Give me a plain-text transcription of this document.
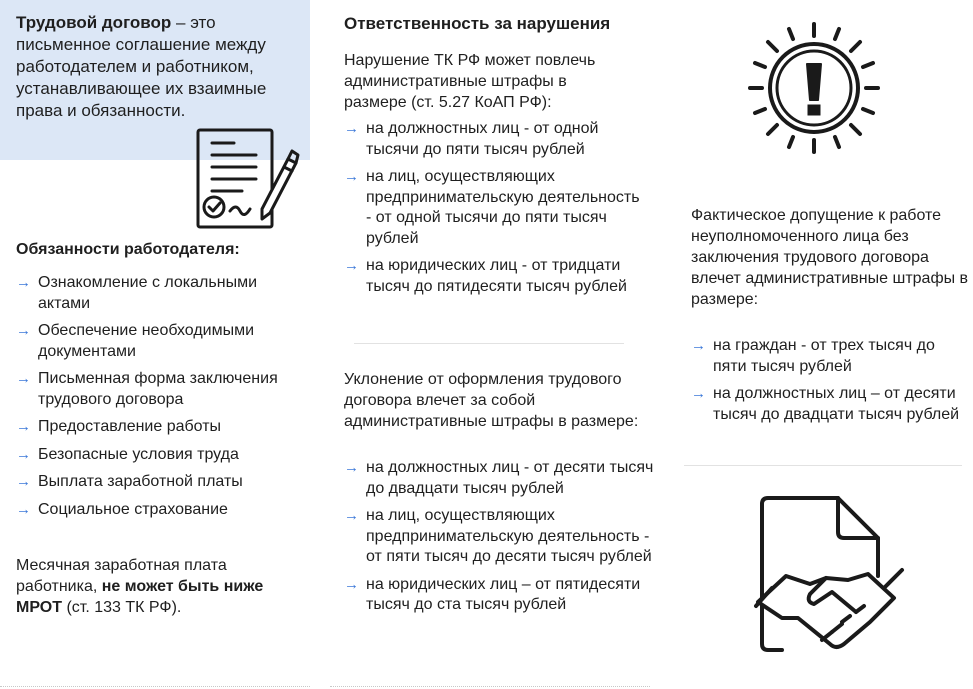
Трудовой договор – это письменное соглашение между работодателем и работником, устанавливающее их взаимные права и обязанности.
Обязанности работодателя:
→ Ознакомление с локальными актами
→ Обеспечение необходимыми документами
→ Письменная форма заключения трудового договора
→ Предоставление работы
→ Безопасные условия труда
→ Выплата заработной платы
→ Социальное страхование
Месячная заработная плата работника, не может быть ниже МРОТ (ст. 133 ТК РФ).
Ответственность за нарушения
Нарушение ТК РФ может повлечь административные штрафы в размере (ст. 5.27 КоАП РФ):
→ на должностных лиц - от одной тысячи до пяти тысяч рублей
→ на лиц, осуществляющих предпринимательскую деятельность - от одной тысячи до пяти тысяч рублей
→ на юридических лиц - от тридцати тысяч до пятидесяти тысяч рублей
Уклонение от оформления трудового договора влечет за собой административные штрафы в размере:
→ на должностных лиц - от десяти тысяч до двадцати тысяч рублей
→ на лиц, осуществляющих предпринимательскую деятельность - от пяти тысяч до десяти тысяч рублей
→ на юридических лиц – от пятидесяти тысяч до ста тысяч рублей
Фактическое допущение к работе неуполномоченного лица без заключения трудового договора влечет административные штрафы в размере:
→ на граждан - от трех тысяч до пяти тысяч рублей
→ на должностных лиц – от десяти тысяч до двадцати тысяч рублей
